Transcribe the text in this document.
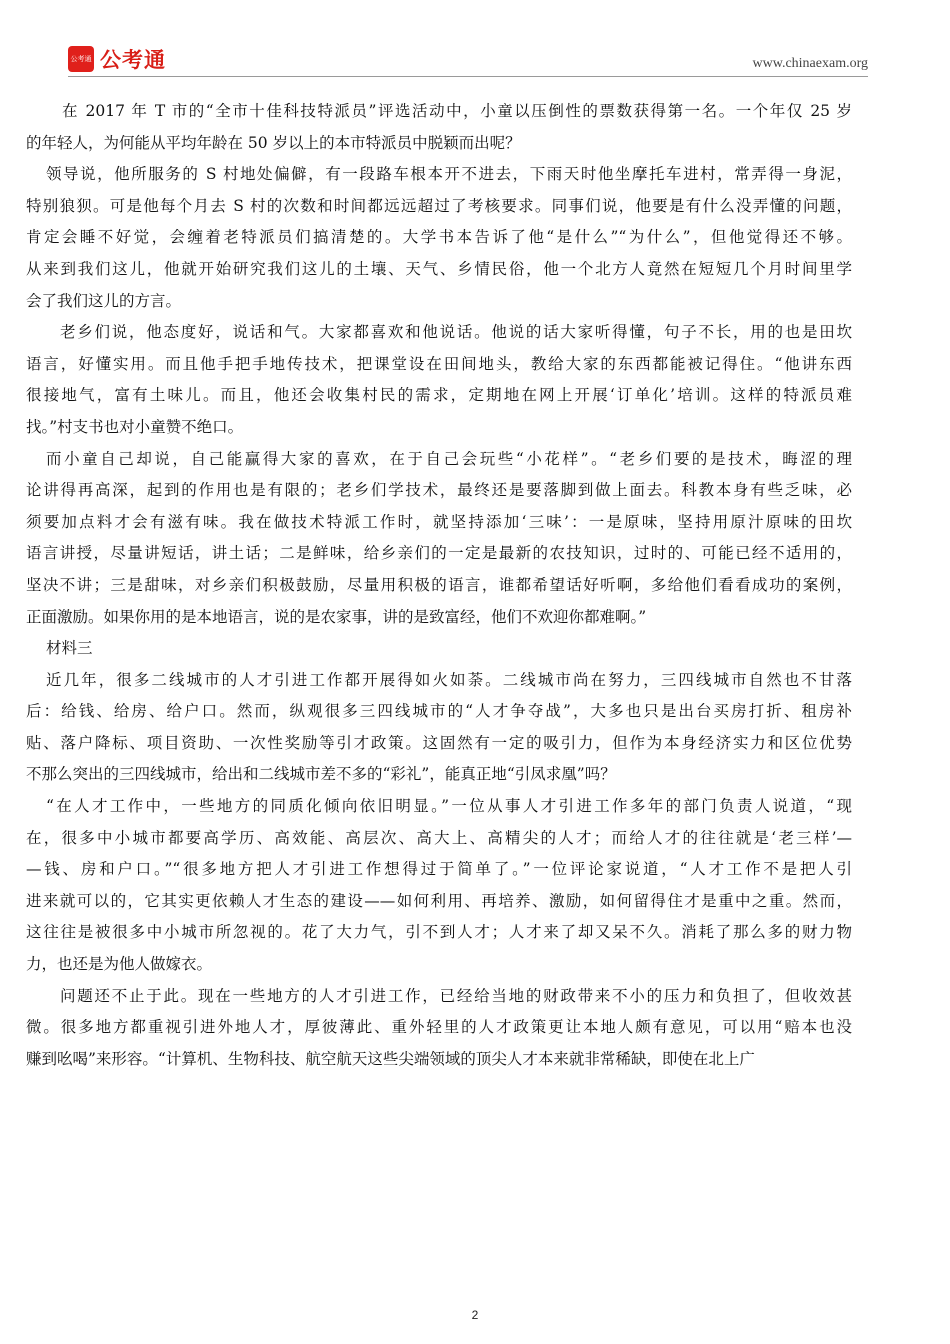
公考通 公考通	www.chinaexam.org
在 2017 年 T 市的“全市十佳科技特派员”评选活动中，小童以压倒性的票数获得第一名。一个年仅 25 岁
的年轻人，为何能从平均年龄在 50 岁以上的本市特派员中脱颖而出呢？
领导说，他所服务的 S 村地处偏僻，有一段路车根本开不进去，下雨天时他坐摩托车进村，常弄得一身泥，
特别狼狈。可是他每个月去 S 村的次数和时间都远远超过了考核要求。同事们说，他要是有什么没弄懂的问题，
肯定会睡不好觉，会缠着老特派员们搞清楚的。大学书本告诉了他“是什么”“为什么”，但他觉得还不够。
从来到我们这儿，他就开始研究我们这儿的土壤、天气、乡情民俗，他一个北方人竟然在短短几个月时间里学
会了我们这儿的方言。
老乡们说，他态度好，说话和气。大家都喜欢和他说话。他说的话大家听得懂，句子不长，用的也是田坎
语言，好懂实用。而且他手把手地传技术，把课堂设在田间地头，教给大家的东西都能被记得住。“他讲东西
很接地气，富有土味儿。而且，他还会收集村民的需求，定期地在网上开展‘订单化’培训。这样的特派员难
找。”村支书也对小童赞不绝口。
而小童自己却说，自己能赢得大家的喜欢，在于自己会玩些“小花样”。“老乡们要的是技术，晦涩的理
论讲得再高深，起到的作用也是有限的；老乡们学技术，最终还是要落脚到做上面去。科教本身有些乏味，必
须要加点料才会有滋有味。我在做技术特派工作时，就坚持添加‘三味’：一是原味，坚持用原汁原味的田坎
语言讲授，尽量讲短话，讲土话；二是鲜味，给乡亲们的一定是最新的农技知识，过时的、可能已经不适用的，
坚决不讲；三是甜味，对乡亲们积极鼓励，尽量用积极的语言，谁都希望话好听啊，多给他们看看成功的案例，
正面激励。如果你用的是本地语言，说的是农家事，讲的是致富经，他们不欢迎你都难啊。”
材料三
近几年，很多二线城市的人才引进工作都开展得如火如荼。二线城市尚在努力，三四线城市自然也不甘落
后：给钱、给房、给户口。然而，纵观很多三四线城市的“人才争夺战”，大多也只是出台买房打折、租房补
贴、落户降标、项目资助、一次性奖励等引才政策。这固然有一定的吸引力，但作为本身经济实力和区位优势
不那么突出的三四线城市，给出和二线城市差不多的“彩礼”，能真正地“引凤求凰”吗？
“在人才工作中，一些地方的同质化倾向依旧明显。”一位从事人才引进工作多年的部门负责人说道，“现
在，很多中小城市都要高学历、高效能、高层次、高大上、高精尖的人才；而给人才的往往就是‘老三样’—
—钱、房和户口。”“很多地方把人才引进工作想得过于简单了。”一位评论家说道，“人才工作不是把人引
进来就可以的，它其实更依赖人才生态的建设——如何利用、再培养、激励，如何留得住才是重中之重。然而，
这往往是被很多中小城市所忽视的。花了大力气，引不到人才；人才来了却又呆不久。消耗了那么多的财力物
力，也还是为他人做嫁衣。
问题还不止于此。现在一些地方的人才引进工作，已经给当地的财政带来不小的压力和负担了，但收效甚
微。很多地方都重视引进外地人才，厚彼薄此、重外轻里的人才政策更让本地人颇有意见，可以用“赔本也没
赚到吆喝”来形容。“计算机、生物科技、航空航天这些尖端领域的顶尖人才本来就非常稀缺，即使在北上广
2
